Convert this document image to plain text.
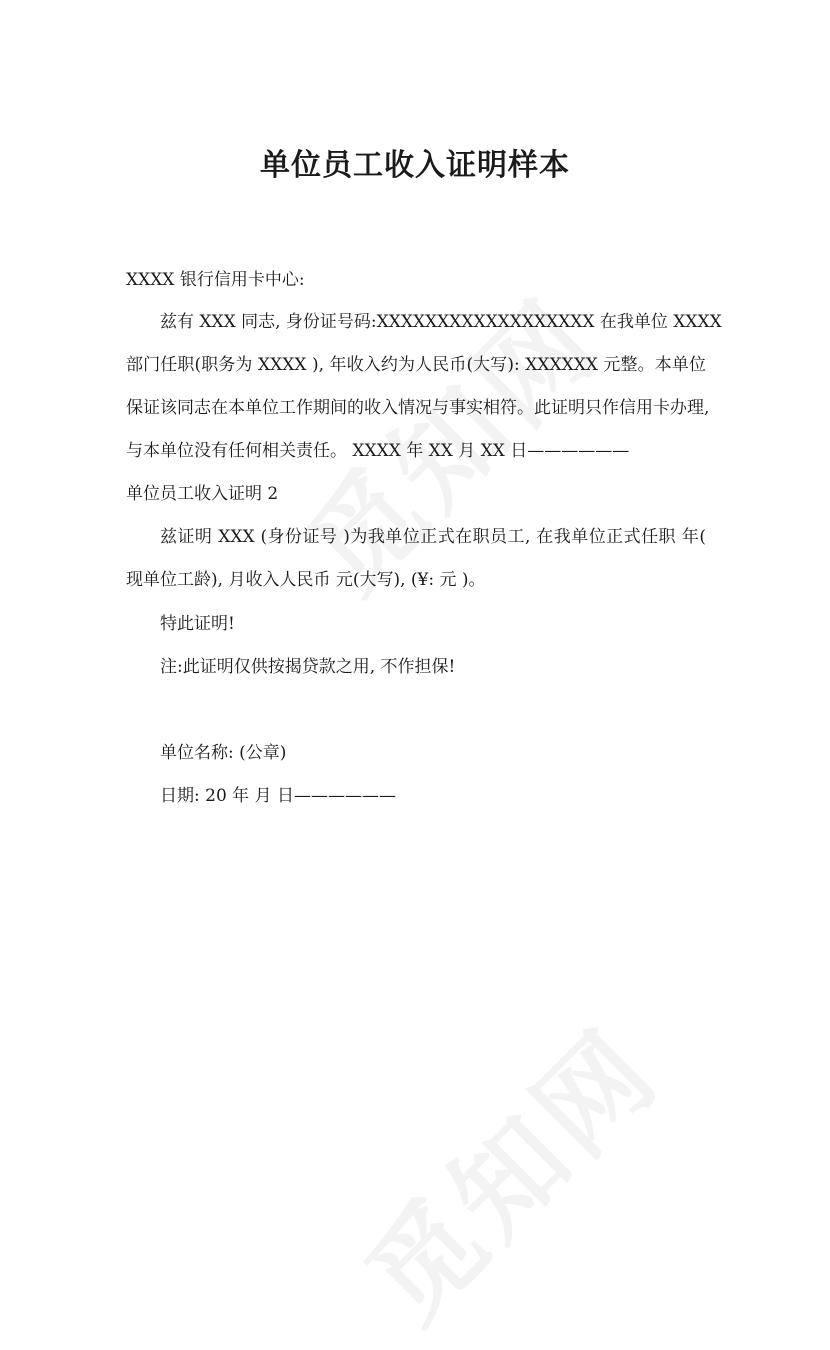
单位员工收入证明样本
XXXX 银行信用卡中心:
兹有 XXX 同志, 身份证号码:XXXXXXXXXXXXXXXXXX 在我单位 XXXX
部门任职(职务为 XXXX ), 年收入约为人民币(大写): XXXXXX 元整。本单位
保证该同志在本单位工作期间的收入情况与事实相符。此证明只作信用卡办理,
与本单位没有任何相关责任。 XXXX 年 XX 月 XX 日——————
单位员工收入证明 2
兹证明 XXX (身份证号 )为我单位正式在职员工, 在我单位正式任职 年(
现单位工龄), 月收入人民币 元(大写), (¥: 元 )。
特此证明!
注:此证明仅供按揭贷款之用, 不作担保!
单位名称: (公章)
日期: 20 年 月 日——————
